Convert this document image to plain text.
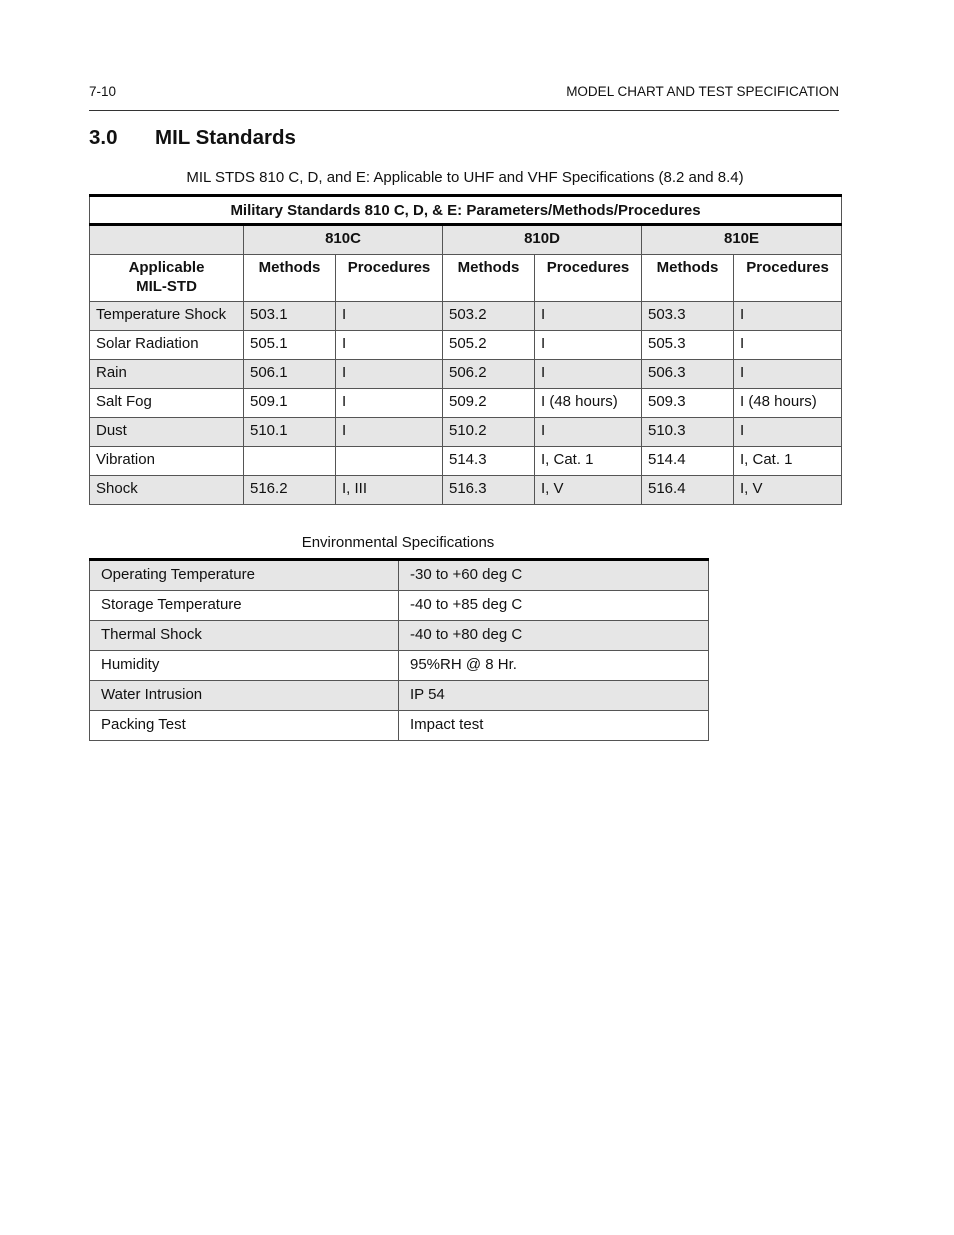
7-10	MODEL CHART AND TEST SPECIFICATION
3.0 MIL Standards
MIL STDS 810 C, D, and E: Applicable to UHF and VHF Specifications (8.2 and 8.4)
Military Standards 810 C, D, & E: Parameters/Methods/Procedures						
	810C		810D		810E	
Applicable
MIL-STD	Methods	Procedures	Methods	Procedures	Methods	Procedures
Temperature Shock	503.1	I	503.2	I	503.3	I
Solar Radiation	505.1	I	505.2	I	505.3	I
Rain	506.1	I	506.2	I	506.3	I
Salt Fog	509.1	I	509.2	I (48 hours)	509.3	I (48 hours)
Dust	510.1	I	510.2	I	510.3	I
Vibration			514.3	I, Cat. 1	514.4	I, Cat. 1
Shock	516.2	I, III	516.3	I, V	516.4	I, V
Environmental Specifications
Operating Temperature	-30 to +60 deg C
Storage Temperature	-40 to +85 deg C
Thermal Shock	-40 to +80 deg C
Humidity	95%RH @ 8 Hr.
Water Intrusion	IP 54
Packing Test	Impact test
